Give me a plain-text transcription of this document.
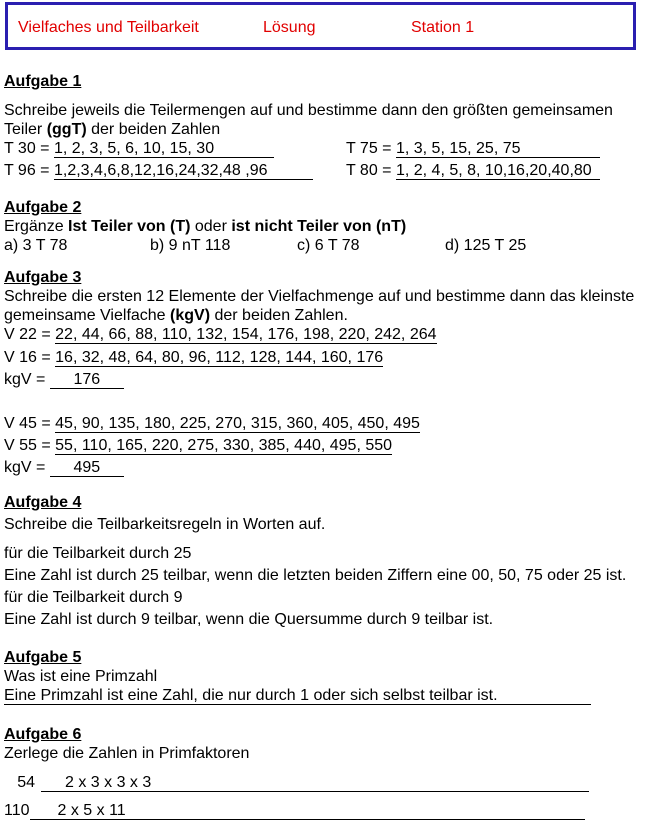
Vielfaches und Teilbarkeit	Lösung	Station 1
Aufgabe 1
Schreibe jeweils die Teilermengen auf und bestimme dann den größten gemeinsamen
Teiler (ggT) der beiden Zahlen
T 30 = 1, 2, 3, 5, 6, 10, 15, 30	T 75 = 1, 3, 5, 15, 25, 75
T 96 = 1,2,3,4,6,8,12,16,24,32,48 ,96	T 80 = 1, 2, 4, 5, 8, 10,16,20,40,80
Aufgabe 2
Ergänze Ist Teiler von (T) oder ist nicht Teiler von (nT)
a) 3 T 78	b) 9 nT 118	c) 6 T 78	d) 125 T 25
Aufgabe 3
Schreibe die ersten 12 Elemente der Vielfachmenge auf und bestimme dann das kleinste
gemeinsame Vielfache (kgV) der beiden Zahlen.
V 22 = 22, 44, 66, 88, 110, 132, 154, 176, 198, 220, 242, 264
V 16 = 16, 32, 48, 64, 80, 96, 112, 128, 144, 160, 176
kgV = 176
V 45 = 45, 90, 135, 180, 225, 270, 315, 360, 405, 450, 495
V 55 = 55, 110, 165, 220, 275, 330, 385, 440, 495, 550
kgV = 495
Aufgabe 4
Schreibe die Teilbarkeitsregeln in Worten auf.
für die Teilbarkeit durch 25
Eine Zahl ist durch 25 teilbar, wenn die letzten beiden Ziffern eine 00, 50, 75 oder 25 ist.
für die Teilbarkeit durch 9
Eine Zahl ist durch 9 teilbar, wenn die Quersumme durch 9 teilbar ist.
Aufgabe 5
Was ist eine Primzahl
Eine Primzahl ist eine Zahl, die nur durch 1 oder sich selbst teilbar ist.
Aufgabe 6
Zerlege die Zahlen in Primfaktoren
54 2 x 3 x 3 x 3
110 2 x 5 x 11
